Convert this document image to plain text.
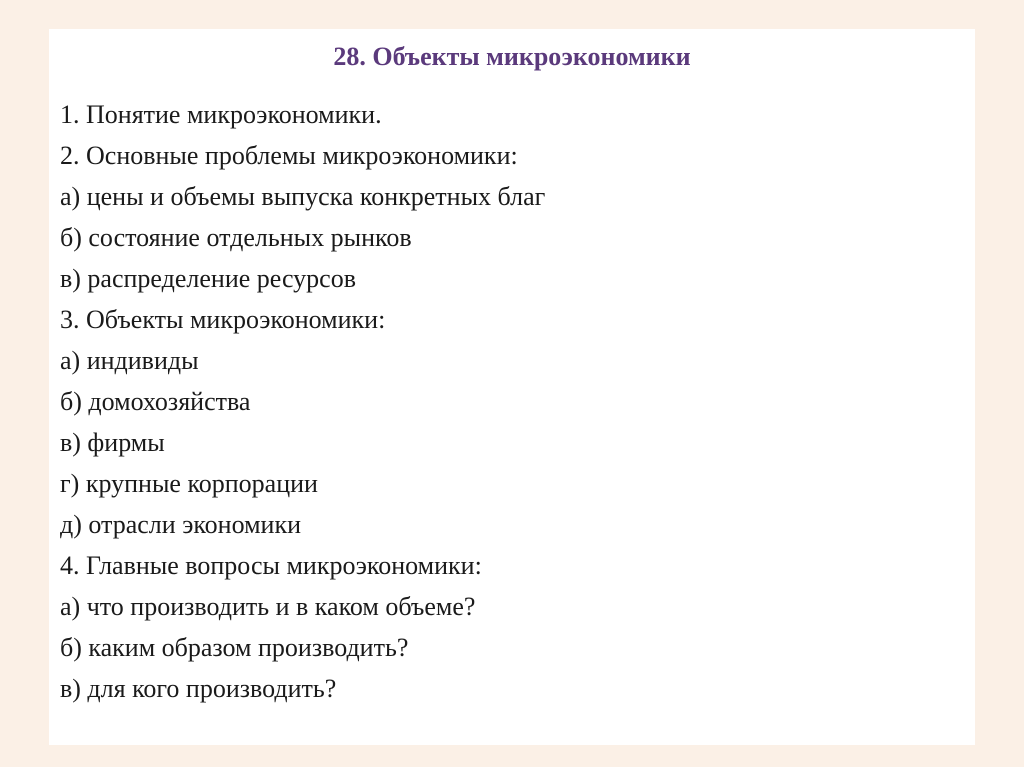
28. Объекты микроэкономики
1. Понятие микроэкономики.
2. Основные проблемы микроэкономики:
а) цены и объемы выпуска конкретных благ
б) состояние отдельных рынков
в) распределение ресурсов
3. Объекты микроэкономики:
а) индивиды
б) домохозяйства
в) фирмы
г) крупные корпорации
д) отрасли экономики
4. Главные вопросы микроэкономики:
а) что производить и в каком объеме?
б) каким образом производить?
в) для кого производить?
